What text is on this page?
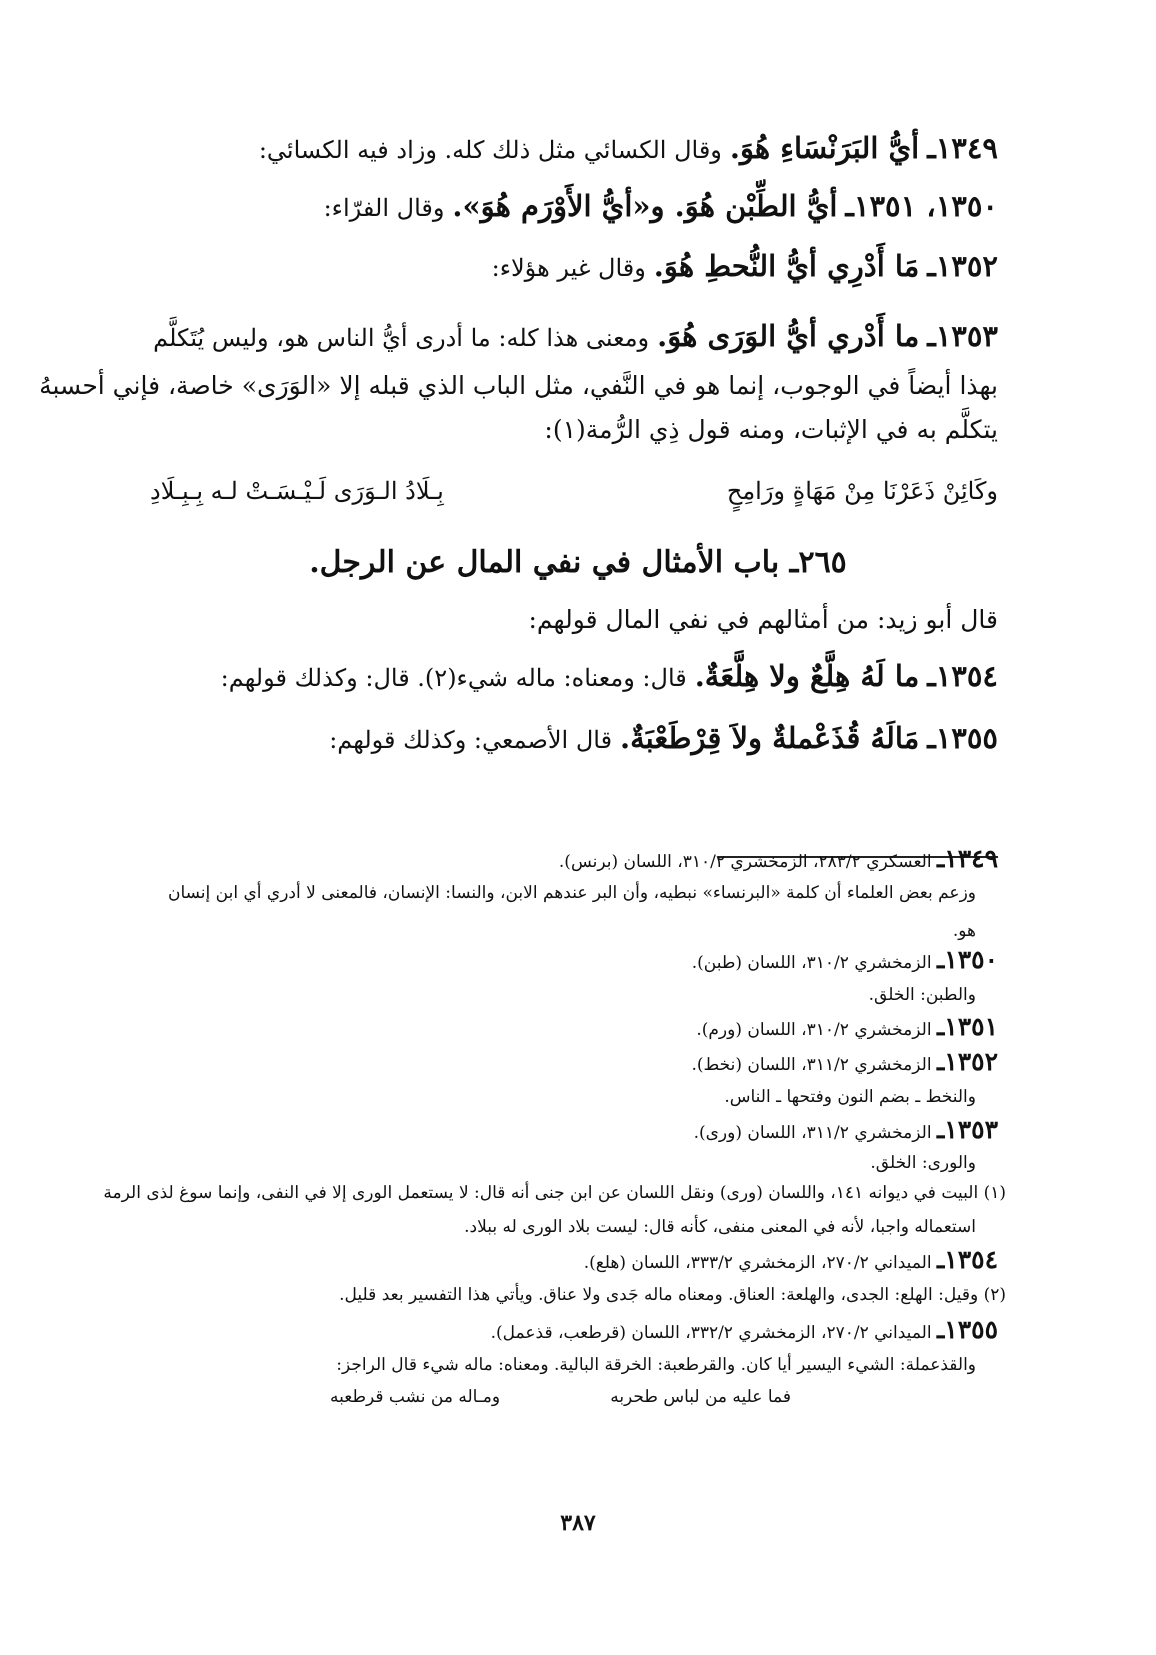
١٣٤٩ـ أيُّ البَرَنْسَاءِ هُوَ. وقال الكسائي مثل ذلك كله. وزاد فيه الكسائي:
١٣٥٠، ١٣٥١ـ أيُّ الطِّبْن هُوَ. و«أيُّ الأَوْرَم هُوَ». وقال الفرّاء:
١٣٥٢ـ مَا أَدْرِي أيُّ النُّحطِ هُوَ. وقال غير هؤلاء:
١٣٥٣ـ ما أَدْري أيُّ الوَرَى هُوَ. ومعنى هذا كله: ما أدرى أيُّ الناس هو، وليس يُتَكلَّم
بهذا أيضاً في الوجوب، إنما هو في النَّفي، مثل الباب الذي قبله إلا «الوَرَى» خاصة، فإني أحسبهُ
يتكلَّم به في الإثبات، ومنه قول ذِي الرُّمة(١):
وكَائِنْ ذَعَرْنَا مِنْ مَهَاةٍ ورَامِحٍ
بِـلَادُ الـوَرَى لَـيْـسَـتْ لـه بِـبِـلَادِ
٢٦٥ـ باب الأمثال في نفي المال عن الرجل.
قال أبو زيد: من أمثالهم في نفي المال قولهم:
١٣٥٤ـ ما لَهُ هِلَّعٌ ولا هِلَّعَةٌ. قال: ومعناه: ماله شيء(٢). قال: وكذلك قولهم:
١٣٥٥ـ مَالَهُ قُذَعْملةٌ ولاَ قِرْطَعْبَةٌ. قال الأصمعي: وكذلك قولهم:
١٣٤٩ـ العسكري ٢٨٣/٢، الزمخشري ٣١٠/٢، اللسان (برنس).
وزعم بعض العلماء أن كلمة «البرنساء» نبطيه، وأن البر عندهم الابن، والنسا: الإنسان، فالمعنى لا أدري أي ابن إنسان
هو.
١٣٥٠ـ الزمخشري ٣١٠/٢، اللسان (طبن).
والطبن: الخلق.
١٣٥١ـ الزمخشري ٣١٠/٢، اللسان (ورم).
١٣٥٢ـ الزمخشري ٣١١/٢، اللسان (نخط).
والنخط ـ بضم النون وفتحها ـ الناس.
١٣٥٣ـ الزمخشري ٣١١/٢، اللسان (ورى).
والورى: الخلق.
(١) البيت في ديوانه ١٤١، واللسان (ورى) ونقل اللسان عن ابن جنى أنه قال: لا يستعمل الورى إلا في النفى، وإنما سوغ لذى الرمة
استعماله واجبا، لأنه في المعنى منفى، كأنه قال: ليست بلاد الورى له ببلاد.
١٣٥٤ـ الميداني ٢٧٠/٢، الزمخشري ٣٣٣/٢، اللسان (هلع).
(٢) وقيل: الهلع: الجدى، والهلعة: العناق. ومعناه ماله جَدى ولا عناق. ويأتي هذا التفسير بعد قليل.
١٣٥٥ـ الميداني ٢٧٠/٢، الزمخشري ٣٣٢/٢، اللسان (قرطعب، قذعمل).
والقذعملة: الشيء اليسير أيا كان. والقرطعبة: الخرقة البالية. ومعناه: ماله شيء قال الراجز:
فما عليه من لباس طحربه
ومـاله من نشب قرطعبه
٣٨٧
